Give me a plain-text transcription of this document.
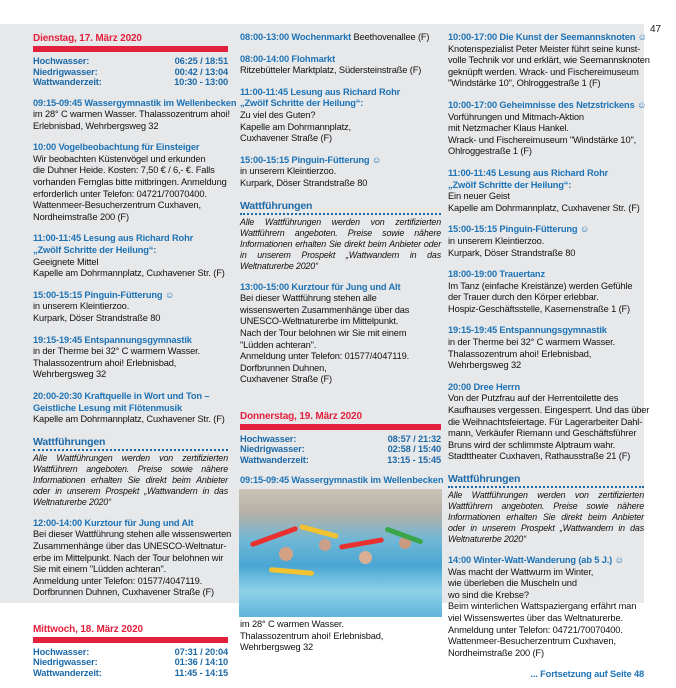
47
Dienstag, 17. März 2020
Hochwasser:	06:25 / 18:51
Niedrigwasser:	00:42 / 13:04
Wattwanderzeit:	10:30 - 13:00
09:15-09:45 Wassergymnastik im Wellenbecken
im 28° C warmen Wasser. Thalassozentrum ahoi!
Erlebnisbad, Wehrbergsweg 32
10:00 Vogelbeobachtung für Einsteiger
Wir beobachten Küstenvögel und erkunden
die Duhner Heide. Kosten: 7,50 € / 6,- €. Falls
vorhanden Fernglas bitte mitbringen. Anmeldung
erforderlich unter Telefon: 04721/70070400.
Wattenmeer-Besucherzentrum Cuxhaven,
Nordheimstraße 200 (F)
11:00-11:45 Lesung aus Richard Rohr
„Zwölf Schritte der Heilung“:
Geeignete Mittel
Kapelle am Dohrmannplatz, Cuxhavener Str. (F)
15:00-15:15 Pinguin-Fütterung ☺
in unserem Kleintierzoo.
Kurpark, Döser Strandstraße 80
19:15-19:45 Entspannungsgymnastik
in der Therme bei 32° C warmem Wasser.
Thalassozentrum ahoi! Erlebnisbad,
Wehrbergsweg 32
20:00-20:30 Kraftquelle in Wort und Ton –
Geistliche Lesung mit Flötenmusik
Kapelle am Dohrmannplatz, Cuxhavener Str. (F)
Wattführungen
Alle Wattführungen werden von zertifizierten Wattführern angeboten. Preise sowie nähere Informationen erhalten Sie direkt beim Anbieter oder in unserem Prospekt „Wattwandern in das Weltnaturerbe 2020“
12:00-14:00 Kurztour für Jung und Alt
Bei dieser Wattführung stehen alle wissenswerten
Zusammenhänge über das UNESCO-Weltnatur-
erbe im Mittelpunkt. Nach der Tour belohnen wir
Sie mit einem "Lüdden achteran".
Anmeldung unter Telefon: 01577/4047119.
Dorfbrunnen Duhnen, Cuxhavener Straße (F)
Mittwoch, 18. März 2020
Hochwasser:	07:31 / 20:04
Niedrigwasser:	01:36 / 14:10
Wattwanderzeit:	11:45 - 14:15
08:00-13:00 Wochenmarkt Beethovenallee (F)
08:00-14:00 Flohmarkt
Ritzebütteler Marktplatz, Südersteinstraße (F)
11:00-11:45 Lesung aus Richard Rohr
„Zwölf Schritte der Heilung“:
Zu viel des Guten?
Kapelle am Dohrmannplatz,
Cuxhavener Straße (F)
15:00-15:15 Pinguin-Fütterung ☺
in unserem Kleintierzoo.
Kurpark, Döser Strandstraße 80
Wattführungen
Alle Wattführungen werden von zertifizierten Wattführern angeboten. Preise sowie nähere Informationen erhalten Sie direkt beim Anbieter oder in unserem Prospekt „Wattwandern in das Weltnaturerbe 2020“
13:00-15:00 Kurztour für Jung und Alt
Bei dieser Wattführung stehen alle
wissenswerten Zusammenhänge über das
UNESCO-Weltnaturerbe im Mittelpunkt.
Nach der Tour belohnen wir Sie mit einem
"Lüdden achteran".
Anmeldung unter Telefon: 01577/4047119.
Dorfbrunnen Duhnen,
Cuxhavener Straße (F)
Donnerstag, 19. März 2020
Hochwasser:	08:57 / 21:32
Niedrigwasser:	02:58 / 15:40
Wattwanderzeit:	13:15 - 15:45
09:15-09:45 Wassergymnastik im Wellenbecken
im 28° C warmen Wasser.
Thalassozentrum ahoi! Erlebnisbad,
Wehrbergsweg 32
10:00-17:00 Die Kunst der Seemannsknoten ☺
Knotenspezialist Peter Meister führt seine kunst-
volle Technik vor und erklärt, wie Seemannsknoten
geknüpft werden. Wrack- und Fischereimuseum
"Windstärke 10", Ohlroggestraße 1 (F)
10:00-17:00 Geheimnisse des Netzstrickens ☺
Vorführungen und Mitmach-Aktion
mit Netzmacher Klaus Hankel.
Wrack- und Fischereimuseum "Windstärke 10",
Ohlroggestraße 1 (F)
11:00-11:45 Lesung aus Richard Rohr
„Zwölf Schritte der Heilung“:
Ein neuer Geist
Kapelle am Dohrmannplatz, Cuxhavener Str. (F)
15:00-15:15 Pinguin-Fütterung ☺
in unserem Kleintierzoo.
Kurpark, Döser Strandstraße 80
18:00-19:00 Trauertanz
Im Tanz (einfache Kreistänze) werden Gefühle
der Trauer durch den Körper erlebbar.
Hospiz-Geschäftsstelle, Kasernenstraße 1 (F)
19:15-19:45 Entspannungsgymnastik
in der Therme bei 32° C warmem Wasser.
Thalassozentrum ahoi! Erlebnisbad,
Wehrbergsweg 32
20:00 Dree Herrn
Von der Putzfrau auf der Herrentoilette des
Kaufhauses vergessen. Eingesperrt. Und das über
die Weihnachtsfeiertage. Für Lagerarbeiter Dahl-
mann, Verkäufer Riemann und Geschäftsführer
Bruns wird der schlimmste Alptraum wahr.
Stadttheater Cuxhaven, Rathausstraße 21 (F)
Wattführungen
Alle Wattführungen werden von zertifizierten Wattführern angeboten. Preise sowie nähere Informationen erhalten Sie direkt beim Anbieter oder in unserem Prospekt „Wattwandern in das Weltnaturerbe 2020“
14:00 Winter-Watt-Wanderung (ab 5 J.) ☺
Was macht der Wattwurm im Winter,
wie überleben die Muscheln und
wo sind die Krebse?
Beim winterlichen Wattspaziergang erfährt man
viel Wissenswertes über das Weltnaturerbe.
Anmeldung unter Telefon: 04721/70070400.
Wattenmeer-Besucherzentrum Cuxhaven,
Nordheimstraße 200 (F)
... Fortsetzung auf Seite 48
